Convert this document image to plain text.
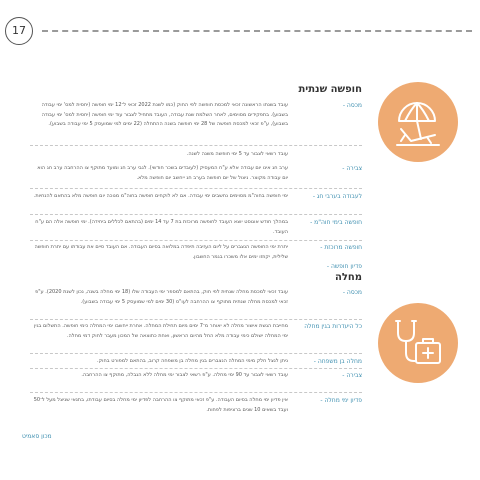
17
חופשה שנתית
מכסה -
עובד בשנתו הראשונה זכאי למכסת חופשה לפי החוק (כמו לשנת 2022 זכאי ל־12 ימי חופשה (יחסית למס' ימי עבודה בשבוע). בתפקידים מסוימים, לאחר השלמת שנת עבודה, העובד מתחיל לצבור עוד ימי חופשה (יחסית למס' ימי עבודה בשבוע), ע"פ זכאי למכסת חופשה של 28 ימי חופשה בשנה ההתחלה (22 ימים למי שמועסק 5 ימי עבודה בשבוע).
עובד רשאי לצבור עד 5 ימי חופשה משנה לשנה.
צבירה -
ערב חג אינו יום עבודה אלא ע"ח המעסיק (לעובדים בשכר חודשי). לגבי ערב חג ומועד מתוקף צו ההרחבה ערב חג הוא יום עבודה מקוצר. ניצול של יום חופשה בערב חג ייחשב יום חופשה מלא.
לעבודה בערבי חג -
ימי חופשה בחוה"מ מסוימים נחשבים ימי עבודה. אם לא לוקחים חופשה בחוה"מ מנוכה יום חופשה מלא בהתאם להנחיות.
חופשה בימי חוה"מ -
במהלך חודש אוגוסט יוצא העובד לחופשה מרוכזת בת 7 עד 14 ימים (בהתאם לכללים ביחידה). ימי חופשה אלה הם ע"ח העובד.
חופשה מרוכזת -
יתרת ימי החופשה הנצברים על ליום העזיבה תיפדה במלואה בסיום העבודה. אם העובד סיים את עבודתו עם יתרת חופשה שלילית, יקוזזו ימים אלו משכרו בגמר החשבון.
פדיון חופשה -
מחלה
מכסה -
עובד זכאי למכסת מחלה שנתית לפי חוק, בהתאם למספר ימי העבודה שלו (18 ימי מחלה בשנה, נכון לשנת 2020). ע"פ זכאי למכסת מחלה שנתית מתוקף צו ההרחבה לעו"ס (30 ימים למי שמועסק 5 ימי עבודה בשבוע).
כל היעדרות בגין מחלה
מחייבת הגשת אישור מחלה לא יאוחר מ־7 ימים מיום תחילת המחלה. אחרת ייחשבו ימי המחלה כימי חופשה. התשלום בגין ימי המחלה ישולם כימי עבודה מלא החל מהיום הראשון, ואחת כתוצאה של המכון מעבר לחוק דמי מחלה.
מחלה בן משפחה -
ניתן לנצל חלק מימי המחלה הנצברים בגין מחלה בן משפחה קרוב, בהתאם למפורט בחוק.
צבירה -
עובד רשאי לצבור עד 90 ימי מחלה. ע"פ רשאי לצבור ימי מחלה ללא הגבלה, מתוקף צו ההרחבה.
פדיון ימי מחלה -
אין פדיון ימי מחלה בסיום העבודה. ע"פ זכאי מתוקף צו ההרחבה לפדיון ימי מחלה בסיום עבודתו, בתנאי שניצל מעל ל־50 ועבד בשאים 10 שנים ברציפות לפחות.
מכון סאמיט
